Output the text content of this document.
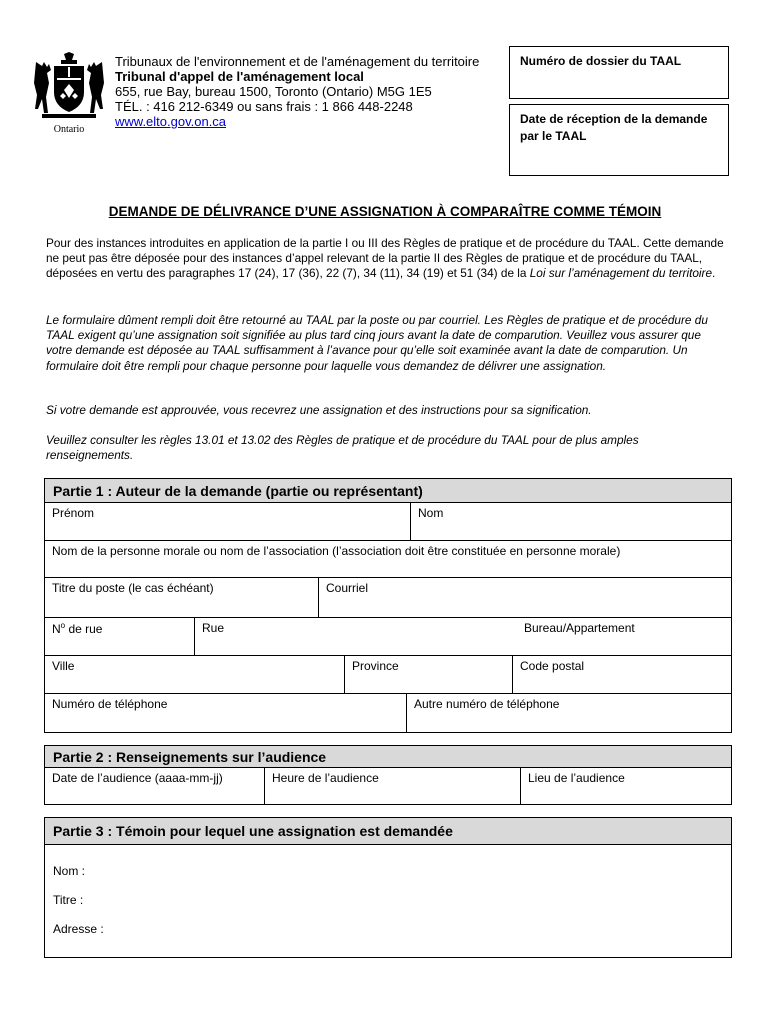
Ontario
Tribunaux de l'environnement et de l'aménagement du territoire
Tribunal d'appel de l'aménagement local
655, rue Bay, bureau 1500, Toronto (Ontario) M5G 1E5
TÉL. : 416 212-6349 ou sans frais : 1 866 448-2248
www.elto.gov.on.ca
Numéro de dossier du TAAL
Date de réception de la demande par le TAAL
DEMANDE DE DÉLIVRANCE D’UNE ASSIGNATION À COMPARAÎTRE COMME TÉMOIN

Pour des instances introduites en application de la partie I ou III des Règles de pratique et de procédure du TAAL. Cette demande ne peut pas être déposée pour des instances d’appel relevant de la partie II des Règles de pratique et de procédure du TAAL, déposées en vertu des paragraphes 17 (24), 17 (36), 22 (7), 34 (11), 34 (19) et 51 (34) de la Loi sur l’aménagement du territoire.

Le formulaire dûment rempli doit être retourné au TAAL par la poste ou par courriel. Les Règles de pratique et de procédure du TAAL exigent qu’une assignation soit signifiée au plus tard cinq jours avant la date de comparution. Veuillez vous assurer que votre demande est déposée au TAAL suffisamment à l’avance pour qu’elle soit examinée avant la date de comparution. Un formulaire doit être rempli pour chaque personne pour laquelle vous demandez de délivrer une assignation.

Si votre demande est approuvée, vous recevrez une assignation et des instructions pour sa signification.

Veuillez consulter les règles 13.01 et 13.02 des Règles de pratique et de procédure du TAAL pour de plus amples renseignements.

Partie 1 : Auteur de la demande (partie ou représentant)
Prénom	Nom
Nom de la personne morale ou nom de l’association (l’association doit être constituée en personne morale)
Titre du poste (le cas échéant)	Courriel
$N^o$ de rue	Rue	Bureau/Appartement
Ville	Province	Code postal
Numéro de téléphone	Autre numéro de téléphone
Partie 2 : Renseignements sur l’audience
Date de l’audience (aaaa-mm-jj)	Heure de l’audience	Lieu de l’audience
Partie 3 : Témoin pour lequel une assignation est demandée
Nom :
Titre :
Adresse :
